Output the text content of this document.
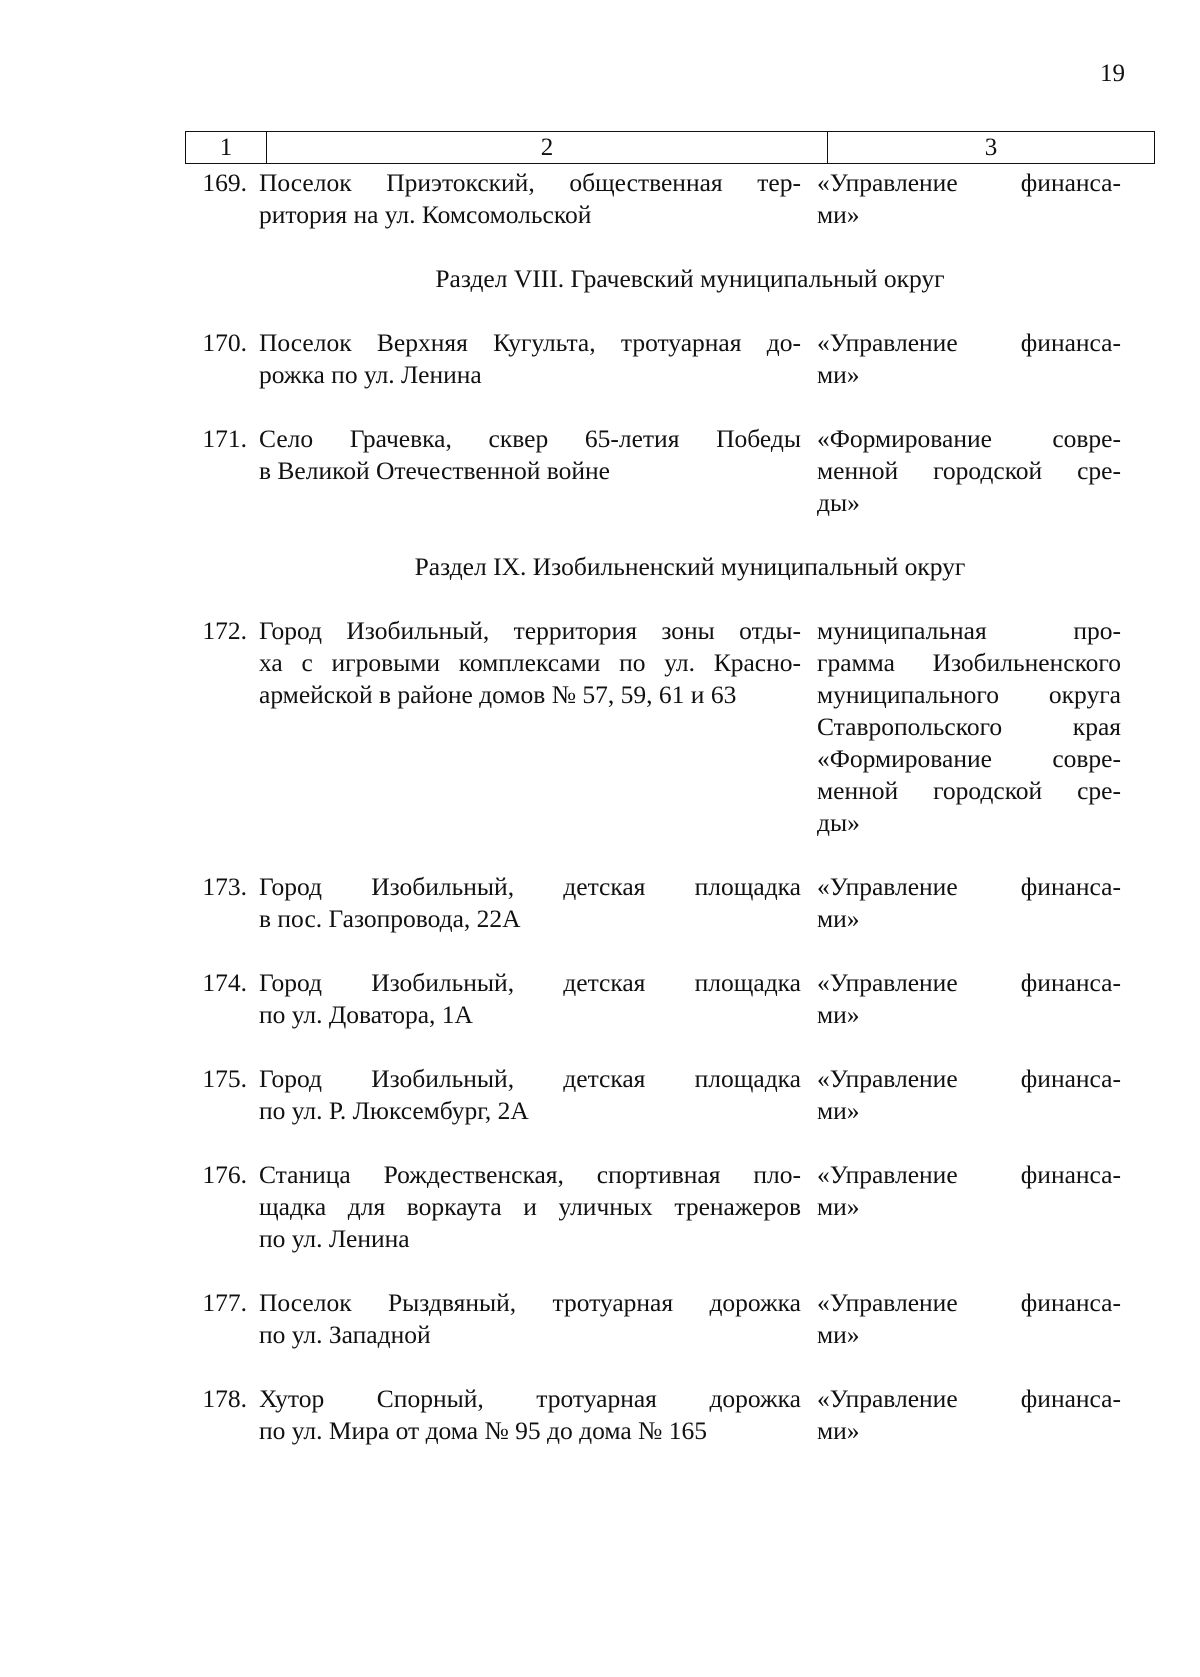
19
1	2	3
169. Поселок Приэтокский, общественная тер-
ритория на ул. Комсомольской
«Управление финанса-
ми»
Раздел VIII. Грачевский муниципальный округ
170. Поселок Верхняя Кугульта, тротуарная до-
рожка по ул. Ленина
«Управление финанса-
ми»
171. Село Грачевка, сквер 65-летия Победы
в Великой Отечественной войне
«Формирование совре-
менной городской сре-
ды»
Раздел IX. Изобильненский муниципальный округ
172. Город Изобильный, территория зоны отды-
ха с игровыми комплексами по ул. Красно-
армейской в районе домов № 57, 59, 61 и 63
муниципальная про-
грамма Изобильненского
муниципального округа
Ставропольского края
«Формирование совре-
менной городской сре-
ды»
173. Город Изобильный, детская площадка
в пос. Газопровода, 22А
«Управление финанса-
ми»
174. Город Изобильный, детская площадка
по ул. Доватора, 1А
«Управление финанса-
ми»
175. Город Изобильный, детская площадка
по ул. Р. Люксембург, 2А
«Управление финанса-
ми»
176. Станица Рождественская, спортивная пло-
щадка для воркаута и уличных тренажеров
по ул. Ленина
«Управление финанса-
ми»
177. Поселок Рыздвяный, тротуарная дорожка
по ул. Западной
«Управление финанса-
ми»
178. Хутор Спорный, тротуарная дорожка
по ул. Мира от дома № 95 до дома № 165
«Управление финанса-
ми»
